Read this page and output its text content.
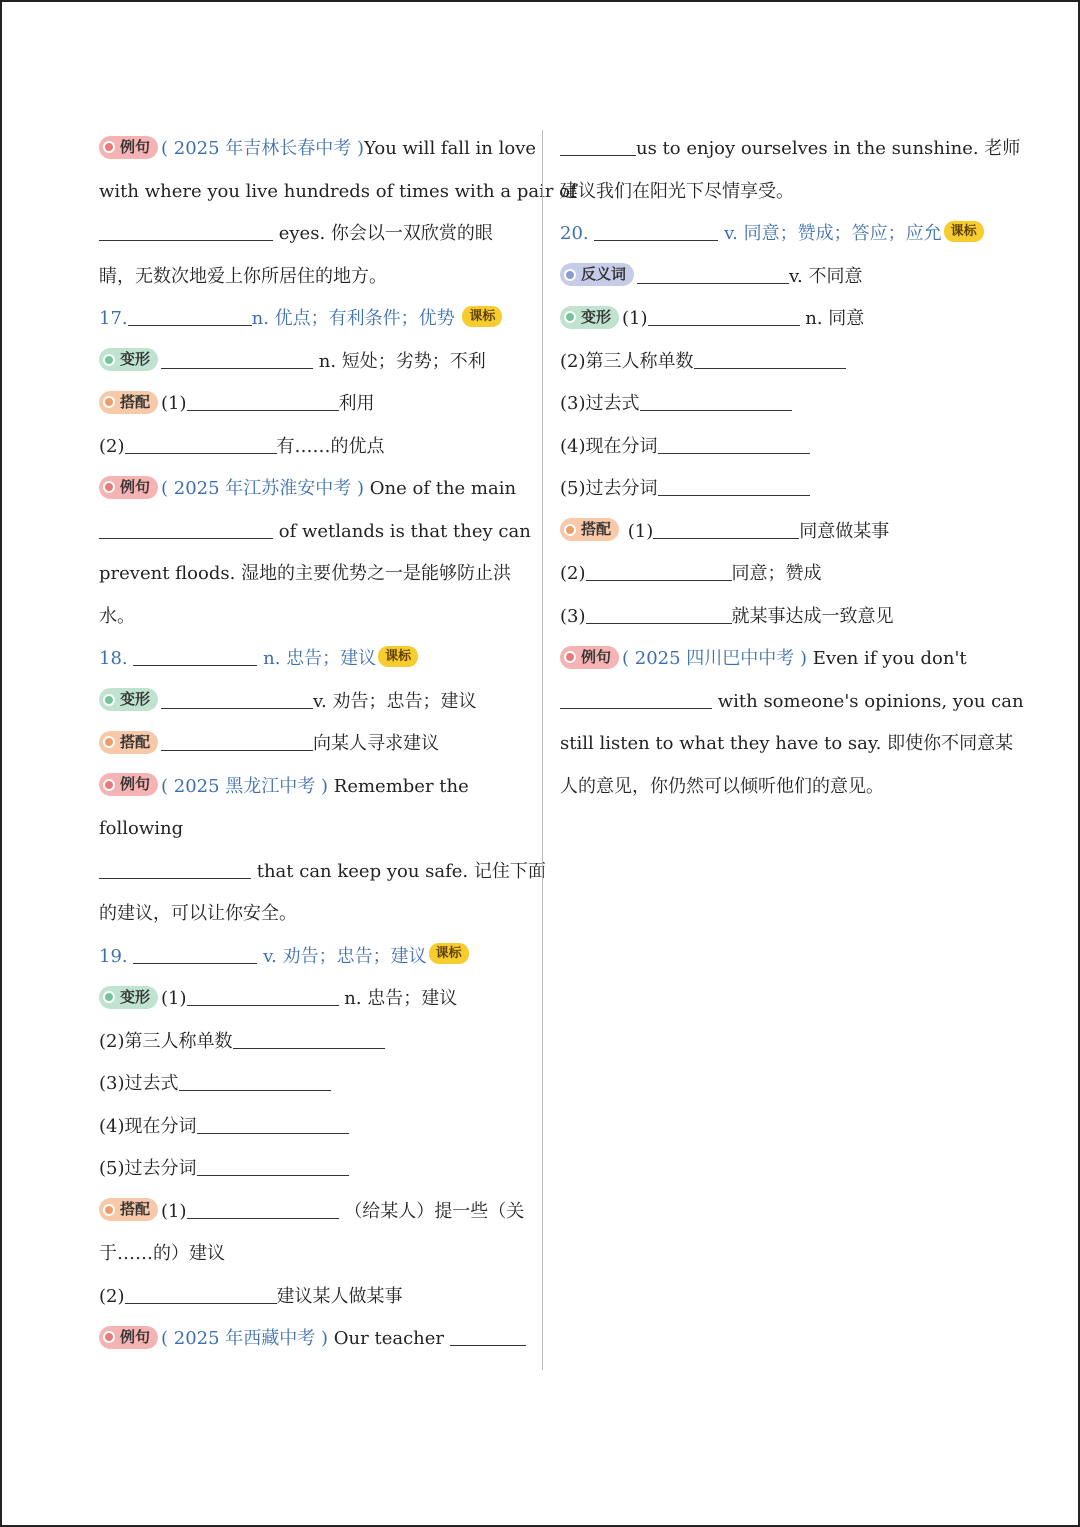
例句 ( 2025 年吉林长春中考 )You will fall in love
with where you live hundreds of times with a pair of
eyes. 你会以一双欣赏的眼
睛，无数次地爱上你所居住的地方。
17.	n. 优点；有利条件；优势 课标
变形	n. 短处；劣势；不利
搭配 (1)	利用
(2)	有……的优点
例句 ( 2025 年江苏淮安中考 ) One of the main
of wetlands is that they can
prevent floods. 湿地的主要优势之一是能够防止洪
水。
18.	n. 忠告；建议 课标
变形	v. 劝告；忠告；建议
搭配	向某人寻求建议
例句 ( 2025 黑龙江中考 ) Remember the
following
that can keep you safe. 记住下面
的建议，可以让你安全。
19.	v. 劝告；忠告；建议 课标
变形 (1)	n. 忠告；建议
(2)第三人称单数
(3)过去式
(4)现在分词
(5)过去分词
搭配 (1)	（给某人）提一些（关
于……的）建议
(2)	建议某人做某事
例句 ( 2025 年西藏中考 ) Our teacher
us to enjoy ourselves in the sunshine. 老师
建议我们在阳光下尽情享受。
20.	v. 同意；赞成；答应；应允 课标
反义词	v. 不同意
变形 (1)	n. 同意
(2)第三人称单数
(3)过去式
(4)现在分词
(5)过去分词
搭配 (1)	同意做某事
(2)	同意；赞成
(3)	就某事达成一致意见
例句 ( 2025 四川巴中中考 ) Even if you don't
with someone's opinions, you can
still listen to what they have to say. 即使你不同意某
人的意见，你仍然可以倾听他们的意见。
